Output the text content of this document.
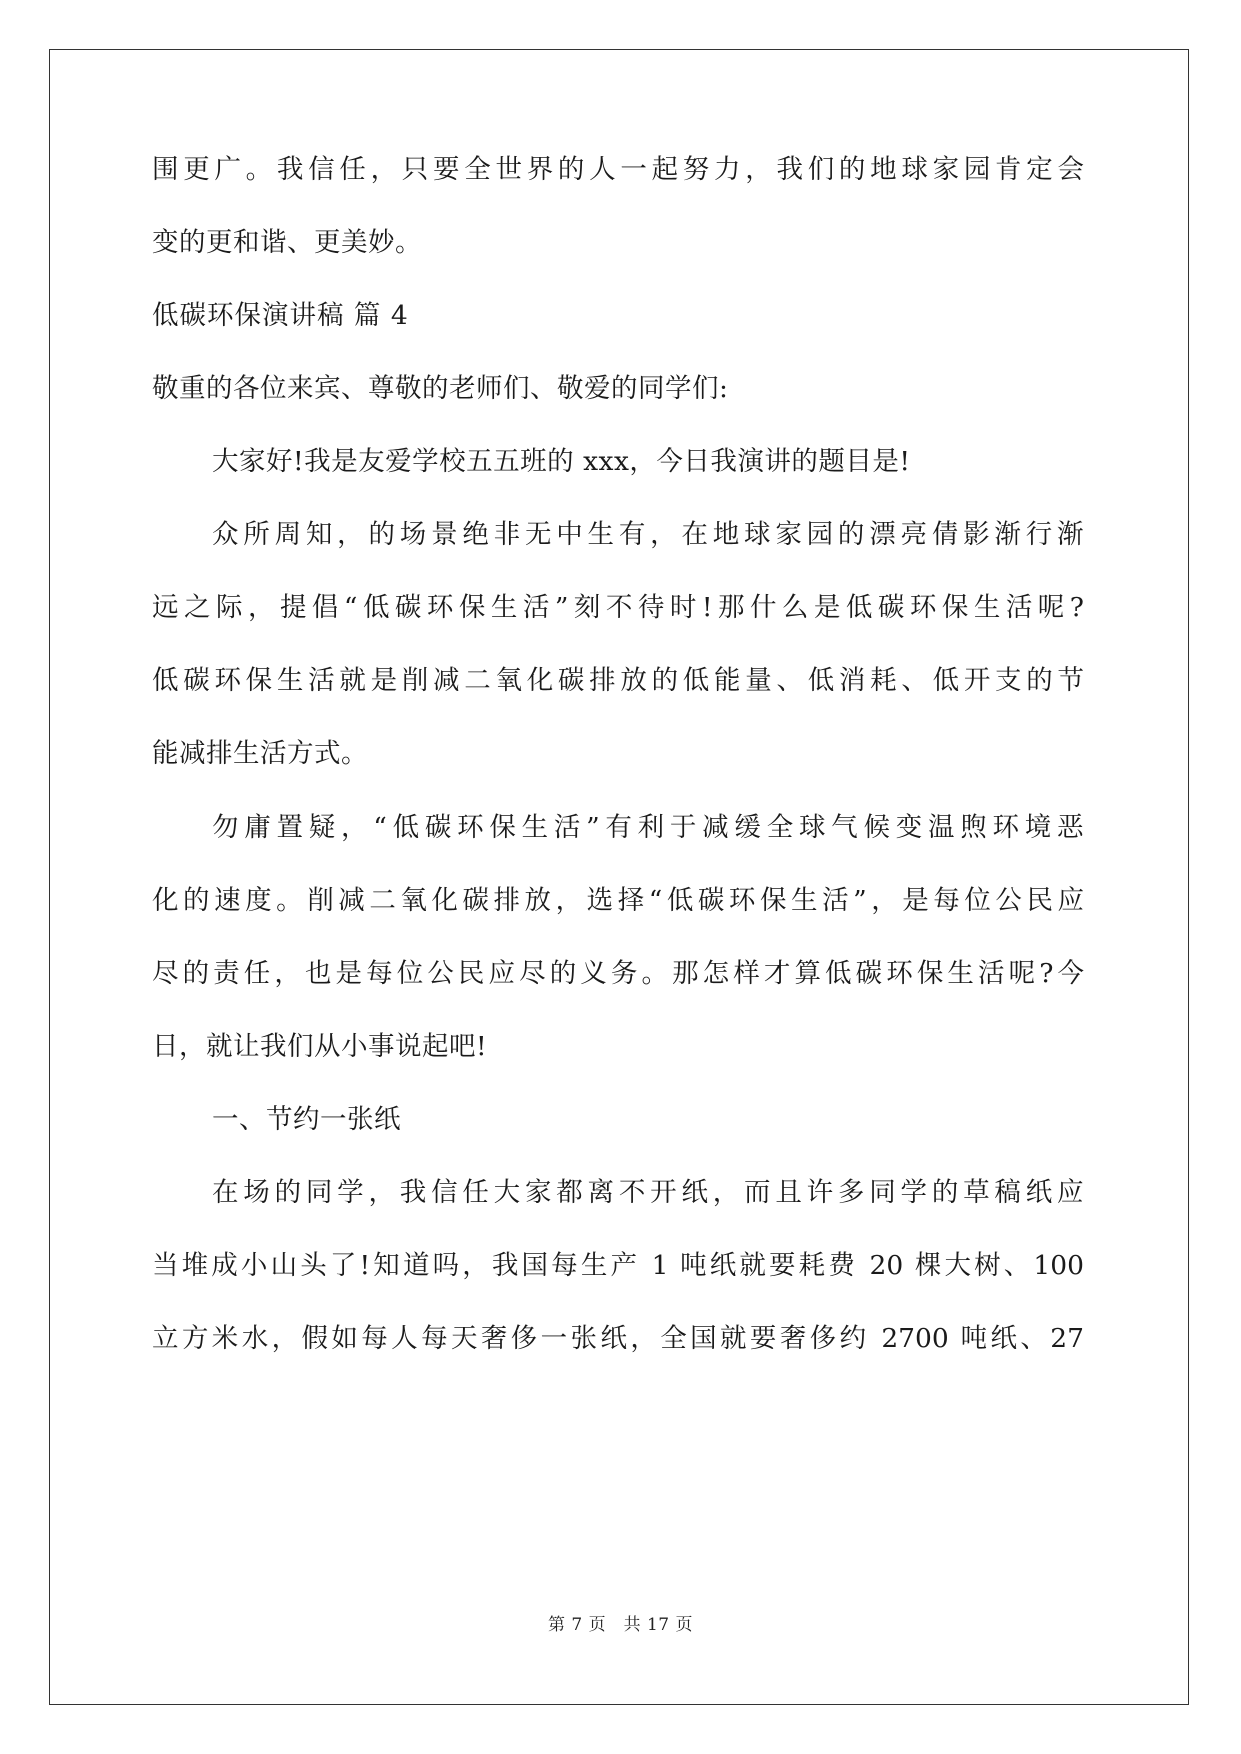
围更广。我信任，只要全世界的人一起努力，我们的地球家园肯定会
变的更和谐、更美妙。
低碳环保演讲稿 篇 4
敬重的各位来宾、尊敬的老师们、敬爱的同学们:
大家好!我是友爱学校五五班的 xxx，今日我演讲的题目是!
众所周知，的场景绝非无中生有，在地球家园的漂亮倩影渐行渐
远之际，提倡“低碳环保生活”刻不待时!那什么是低碳环保生活呢?
低碳环保生活就是削减二氧化碳排放的低能量、低消耗、低开支的节
能减排生活方式。
勿庸置疑，“低碳环保生活”有利于减缓全球气候变温煦环境恶
化的速度。削减二氧化碳排放，选择“低碳环保生活”，是每位公民应
尽的责任，也是每位公民应尽的义务。那怎样才算低碳环保生活呢?今
日，就让我们从小事说起吧!
一、节约一张纸
在场的同学，我信任大家都离不开纸，而且许多同学的草稿纸应
当堆成小山头了!知道吗，我国每生产 1 吨纸就要耗费 20 棵大树、100
立方米水，假如每人每天奢侈一张纸，全国就要奢侈约 2700 吨纸、27
第 7 页　共 17 页
